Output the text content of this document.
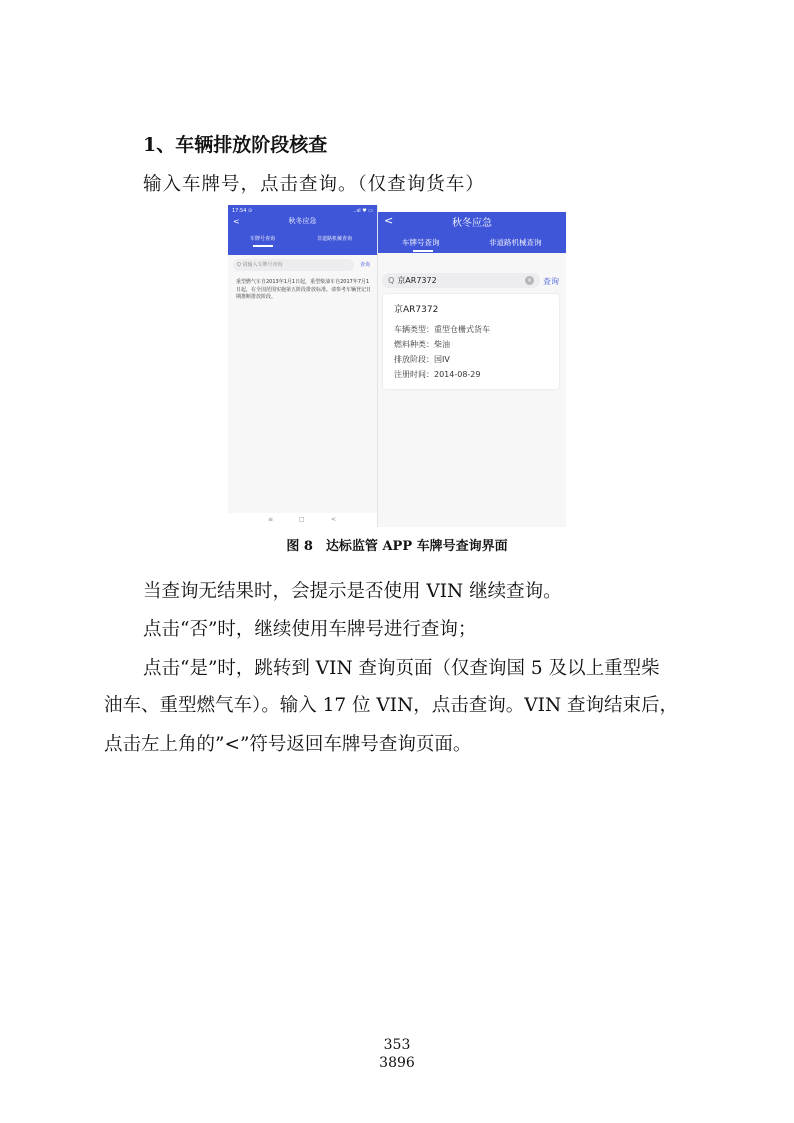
1、车辆排放阶段核查
输入车牌号，点击查询。（仅查询货车）
17:54 ⊙	..ııl ♥ ▭
<	秋冬应急
车牌号查询	非道路机械查询
Q 请输入车牌号查询	查询
重型燃气车自2013年1月1日起，重型柴油车自2017年7月1日起，在全国范围实施第五阶段排放标准。请参考车辆登记日期推断排放阶段。
≡	□	<
<	秋冬应急
车牌号查询	非道路机械查询
Q 京AR7372	× 查询
京AR7372
车辆类型：重型仓栅式货车
燃料种类：柴油
排放阶段：国IV
注册时间：2014-08-29
图 8　达标监管 APP 车牌号查询界面
当查询无结果时，会提示是否使用 VIN 继续查询。
点击“否”时，继续使用车牌号进行查询；
点击“是”时，跳转到 VIN 查询页面（仅查询国 5 及以上重型柴
油车、重型燃气车）。输入 17 位 VIN，点击查询。VIN 查询结束后，
点击左上角的”<”符号返回车牌号查询页面。
353
3896
